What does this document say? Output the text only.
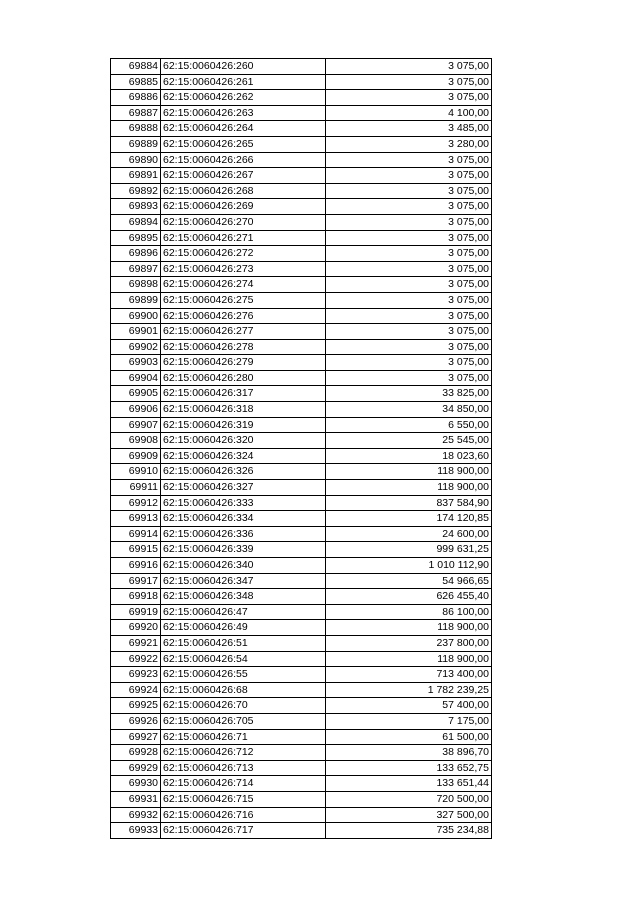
69884	62:15:0060426:260	3 075,00
69885	62:15:0060426:261	3 075,00
69886	62:15:0060426:262	3 075,00
69887	62:15:0060426:263	4 100,00
69888	62:15:0060426:264	3 485,00
69889	62:15:0060426:265	3 280,00
69890	62:15:0060426:266	3 075,00
69891	62:15:0060426:267	3 075,00
69892	62:15:0060426:268	3 075,00
69893	62:15:0060426:269	3 075,00
69894	62:15:0060426:270	3 075,00
69895	62:15:0060426:271	3 075,00
69896	62:15:0060426:272	3 075,00
69897	62:15:0060426:273	3 075,00
69898	62:15:0060426:274	3 075,00
69899	62:15:0060426:275	3 075,00
69900	62:15:0060426:276	3 075,00
69901	62:15:0060426:277	3 075,00
69902	62:15:0060426:278	3 075,00
69903	62:15:0060426:279	3 075,00
69904	62:15:0060426:280	3 075,00
69905	62:15:0060426:317	33 825,00
69906	62:15:0060426:318	34 850,00
69907	62:15:0060426:319	6 550,00
69908	62:15:0060426:320	25 545,00
69909	62:15:0060426:324	18 023,60
69910	62:15:0060426:326	118 900,00
69911	62:15:0060426:327	118 900,00
69912	62:15:0060426:333	837 584,90
69913	62:15:0060426:334	174 120,85
69914	62:15:0060426:336	24 600,00
69915	62:15:0060426:339	999 631,25
69916	62:15:0060426:340	1 010 112,90
69917	62:15:0060426:347	54 966,65
69918	62:15:0060426:348	626 455,40
69919	62:15:0060426:47	86 100,00
69920	62:15:0060426:49	118 900,00
69921	62:15:0060426:51	237 800,00
69922	62:15:0060426:54	118 900,00
69923	62:15:0060426:55	713 400,00
69924	62:15:0060426:68	1 782 239,25
69925	62:15:0060426:70	57 400,00
69926	62:15:0060426:705	7 175,00
69927	62:15:0060426:71	61 500,00
69928	62:15:0060426:712	38 896,70
69929	62:15:0060426:713	133 652,75
69930	62:15:0060426:714	133 651,44
69931	62:15:0060426:715	720 500,00
69932	62:15:0060426:716	327 500,00
69933	62:15:0060426:717	735 234,88
